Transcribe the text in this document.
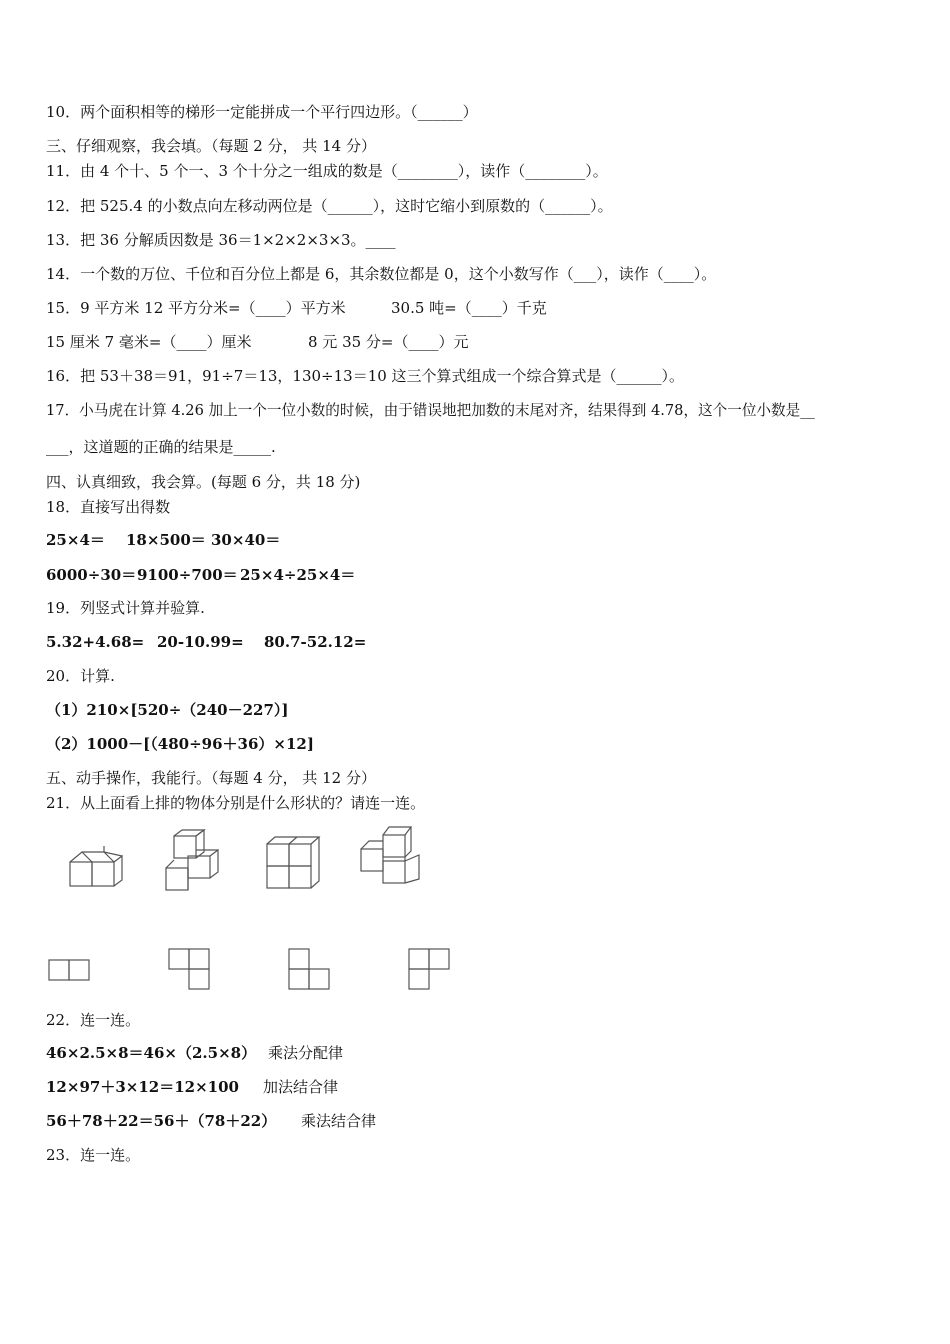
10．两个面积相等的梯形一定能拼成一个平行四边形。（______）
三、仔细观察，我会填。（每题 2 分， 共 14 分）
11．由 4 个十、5 个一、3 个十分之一组成的数是（________），读作（________）。
12．把 525.4 的小数点向左移动两位是（______），这时它缩小到原数的（______）。
13．把 36 分解质因数是 36＝1×2×2×3×3。____
14．一个数的万位、千位和百分位上都是 6，其余数位都是 0，这个小数写作（___），读作（____）。
15．9 平方米 12 平方分米=（____）平方米	30.5 吨=（____）千克
15 厘米 7 毫米=（____）厘米	8 元 35 分=（____）元
16．把 53＋38＝91，91÷7＝13，130÷13＝10 这三个算式组成一个综合算式是（______）。
17．小马虎在计算 4.26 加上一个一位小数的时候，由于错误地把加数的末尾对齐，结果得到 4.78，这个一位小数是__
___，这道题的正确的结果是_____.
四、认真细致，我会算。(每题 6 分，共 18 分)
18．直接写出得数
25×4＝ 18×500＝ 30×40＝
6000÷30＝9100÷700＝ 25×4÷25×4＝
19．列竖式计算并验算.
5.32+4.68= 20-10.99= 80.7-52.12=
20．计算.
（1）210×[520÷（240－227）]
（2）1000－[（480÷96＋36）×12]
五、动手操作，我能行。（每题 4 分， 共 12 分）
21．从上面看上排的物体分别是什么形状的？请连一连。
22．连一连。
46×2.5×8＝46×（2.5×8） 乘法分配律
12×97＋3×12＝12×100 加法结合律
56＋78＋22＝56＋（78＋22） 乘法结合律
23．连一连。
